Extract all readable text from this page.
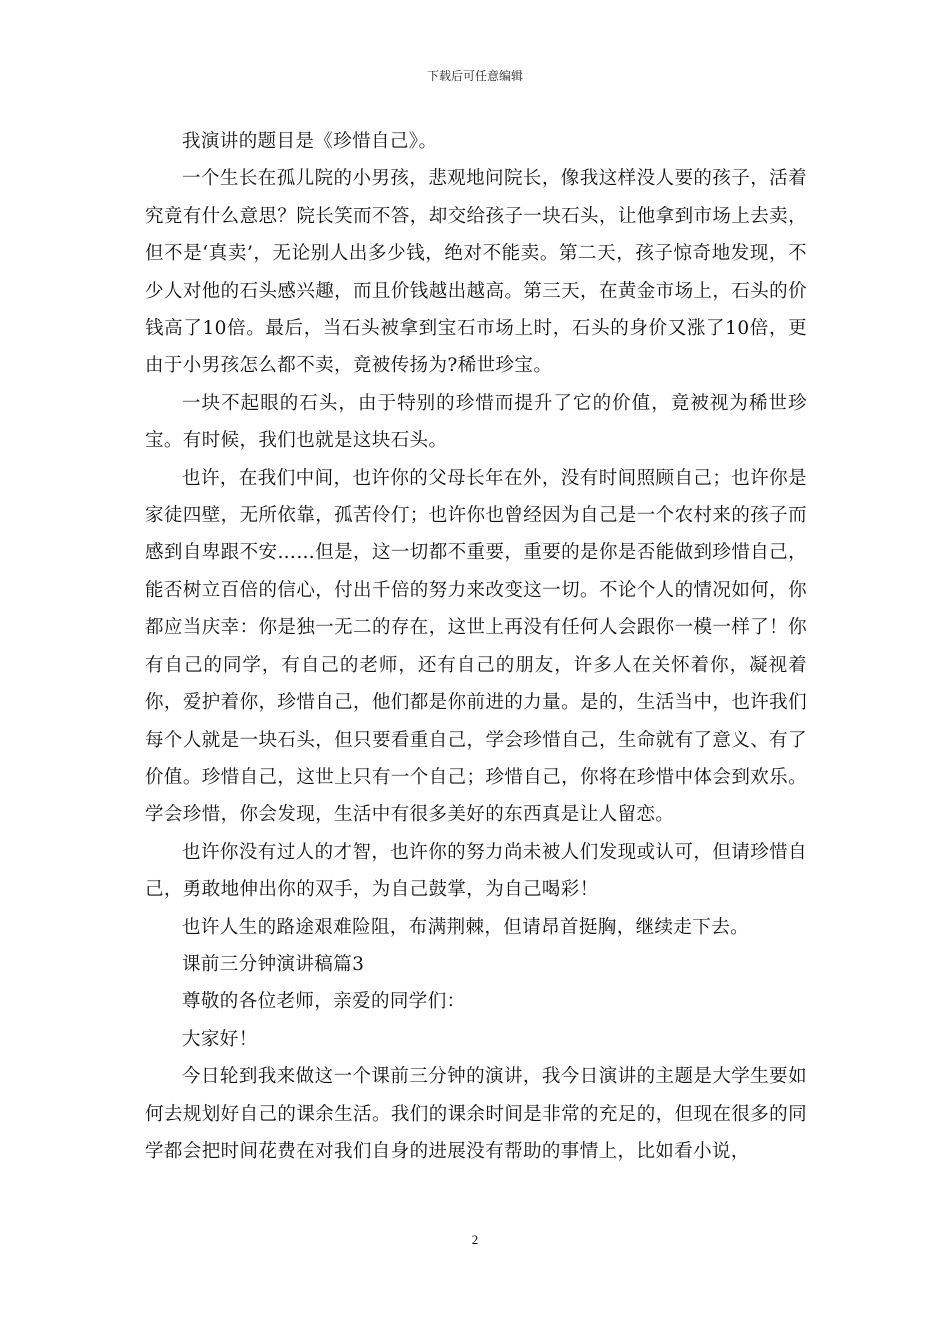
下载后可任意编辑

我演讲的题目是《珍惜自己》。

一个生长在孤儿院的小男孩，悲观地问院长，像我这样没人要的孩子，活着究竟有什么意思？院长笑而不答，却交给孩子一块石头，让他拿到市场上去卖，但不是‘真卖’，无论别人出多少钱，绝对不能卖。第二天，孩子惊奇地发现，不少人对他的石头感兴趣，而且价钱越出越高。第三天，在黄金市场上，石头的价钱高了10倍。最后，当石头被拿到宝石市场上时，石头的身价又涨了10倍，更由于小男孩怎么都不卖，竟被传扬为?稀世珍宝。

一块不起眼的石头，由于特别的珍惜而提升了它的价值，竟被视为稀世珍宝。有时候，我们也就是这块石头。

也许，在我们中间，也许你的父母长年在外，没有时间照顾自己；也许你是家徒四壁，无所依靠，孤苦伶仃；也许你也曾经因为自己是一个农村来的孩子而感到自卑跟不安……但是，这一切都不重要，重要的是你是否能做到珍惜自己，能否树立百倍的信心，付出千倍的努力来改变这一切。不论个人的情况如何，你都应当庆幸：你是独一无二的存在，这世上再没有任何人会跟你一模一样了！你有自己的同学，有自己的老师，还有自己的朋友，许多人在关怀着你，凝视着你，爱护着你，珍惜自己，他们都是你前进的力量。是的，生活当中，也许我们每个人就是一块石头，但只要看重自己，学会珍惜自己，生命就有了意义、有了价值。珍惜自己，这世上只有一个自己；珍惜自己，你将在珍惜中体会到欢乐。学会珍惜，你会发现，生活中有很多美好的东西真是让人留恋。

也许你没有过人的才智，也许你的努力尚未被人们发现或认可，但请珍惜自己，勇敢地伸出你的双手，为自己鼓掌，为自己喝彩！

也许人生的路途艰难险阻，布满荆棘，但请昂首挺胸，继续走下去。

课前三分钟演讲稿篇3

尊敬的各位老师，亲爱的同学们：

大家好！

今日轮到我来做这一个课前三分钟的演讲，我今日演讲的主题是大学生要如何去规划好自己的课余生活。我们的课余时间是非常的充足的，但现在很多的同学都会把时间花费在对我们自身的进展没有帮助的事情上，比如看小说，

2
